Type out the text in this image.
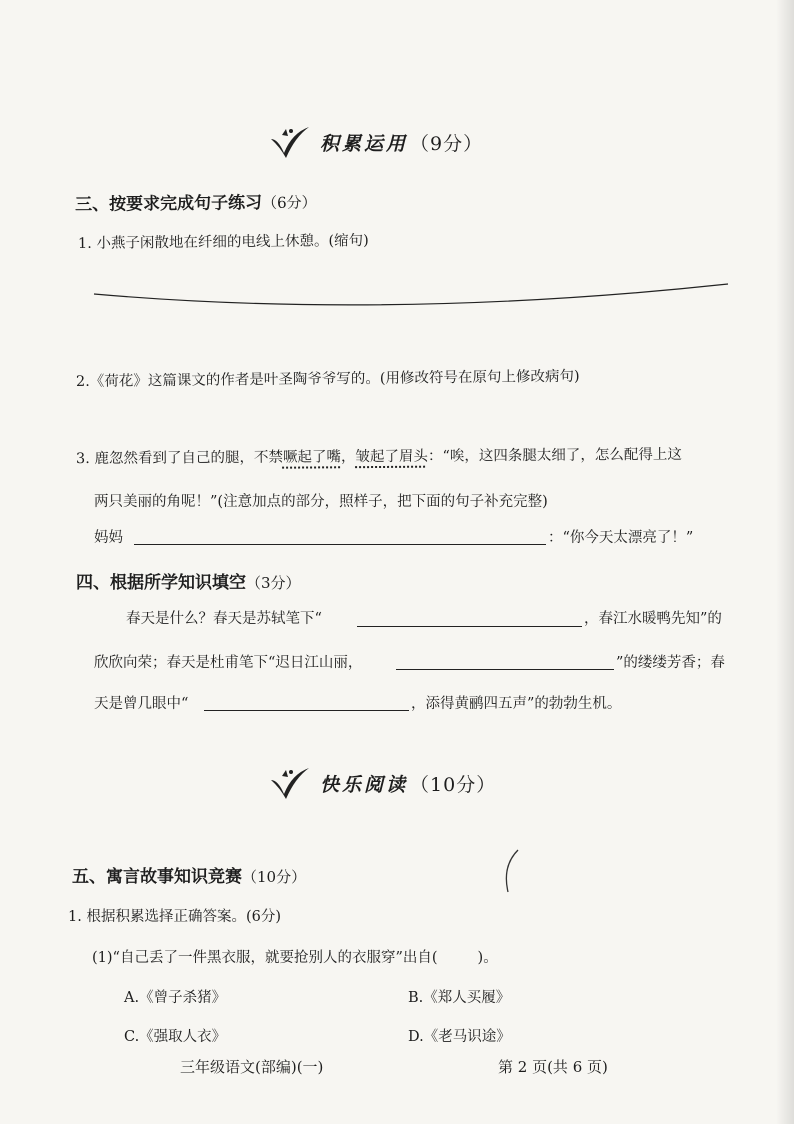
积累运用 （9分）
三、按要求完成句子练习（6分）
1. 小燕子闲散地在纤细的电线上休憩。(缩句)
2.《荷花》这篇课文的作者是叶圣陶爷爷写的。(用修改符号在原句上修改病句)
3. 鹿忽然看到了自己的腿，不禁噘起了嘴，皱起了眉头：“唉，这四条腿太细了，怎么配得上这
两只美丽的角呢！”(注意加点的部分，照样子，把下面的句子补充完整)
妈妈	：“你今天太漂亮了！”
四、根据所学知识填空（3分）
春天是什么？春天是苏轼笔下“	，春江水暖鸭先知”的
欣欣向荣；春天是杜甫笔下“迟日江山丽，	”的缕缕芳香；春
天是曾几眼中“	，添得黄鹂四五声”的勃勃生机。
快乐阅读 （10分）
五、寓言故事知识竞赛（10分）
1. 根据积累选择正确答案。(6分)
(1)“自己丢了一件黑衣服，就要抢别人的衣服穿”出自(	)。
A.《曾子杀猪》	B.《郑人买履》
C.《强取人衣》	D.《老马识途》
三年级语文(部编)(一)	第 2 页(共 6 页)
